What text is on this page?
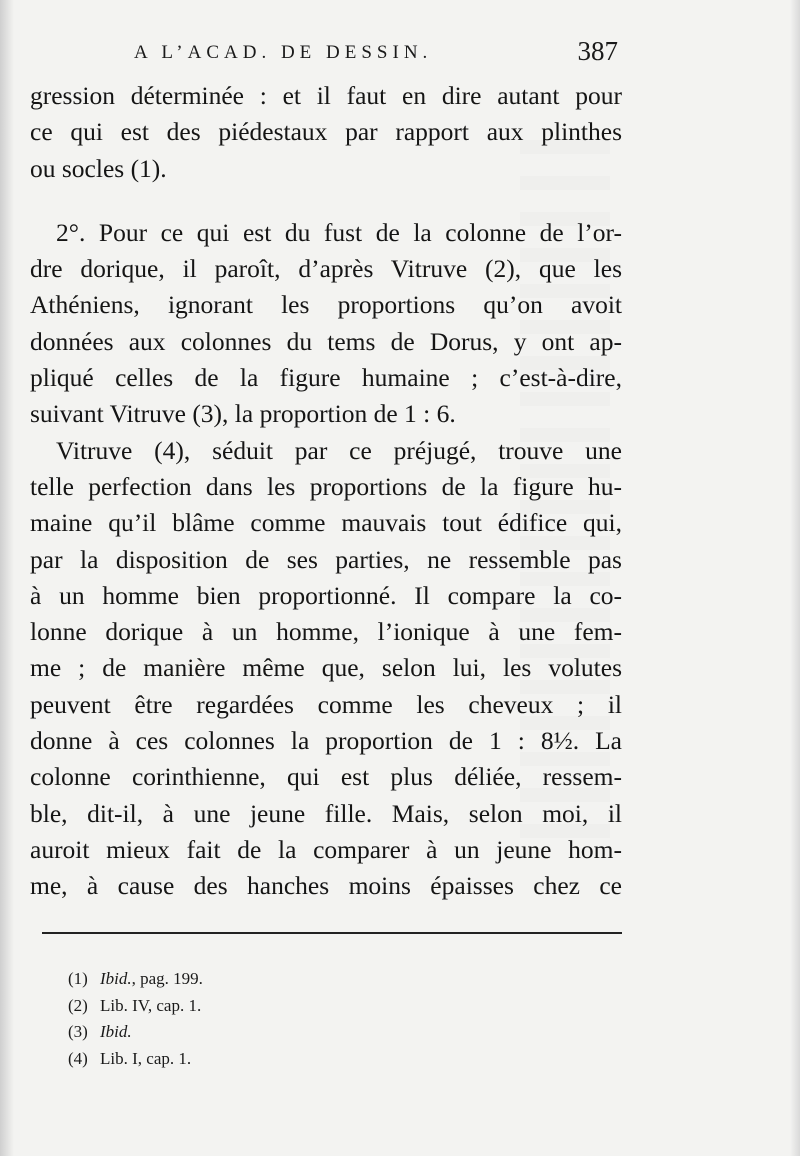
A L’ACAD. DE DESSIN.	387
gression déterminée : et il faut en dire autant pour
ce qui est des piédestaux par rapport aux plinthes
ou socles (1).
2°. Pour ce qui est du fust de la colonne de l’or-
dre dorique, il paroît, d’après Vitruve (2), que les
Athéniens, ignorant les proportions qu’on avoit
données aux colonnes du tems de Dorus, y ont ap-
pliqué celles de la figure humaine ; c’est-à-dire,
suivant Vitruve (3), la proportion de 1 : 6.
Vitruve (4), séduit par ce préjugé, trouve une
telle perfection dans les proportions de la figure hu-
maine qu’il blâme comme mauvais tout édifice qui,
par la disposition de ses parties, ne ressemble pas
à un homme bien proportionné. Il compare la co-
lonne dorique à un homme, l’ionique à une fem-
me ; de manière même que, selon lui, les volutes
peuvent être regardées comme les cheveux ; il
donne à ces colonnes la proportion de 1 : 8½. La
colonne corinthienne, qui est plus déliée, ressem-
ble, dit-il, à une jeune fille. Mais, selon moi, il
auroit mieux fait de la comparer à un jeune hom-
me, à cause des hanches moins épaisses chez ce
(1) Ibid., pag. 199.
(2) Lib. IV, cap. 1.
(3) Ibid.
(4) Lib. I, cap. 1.
